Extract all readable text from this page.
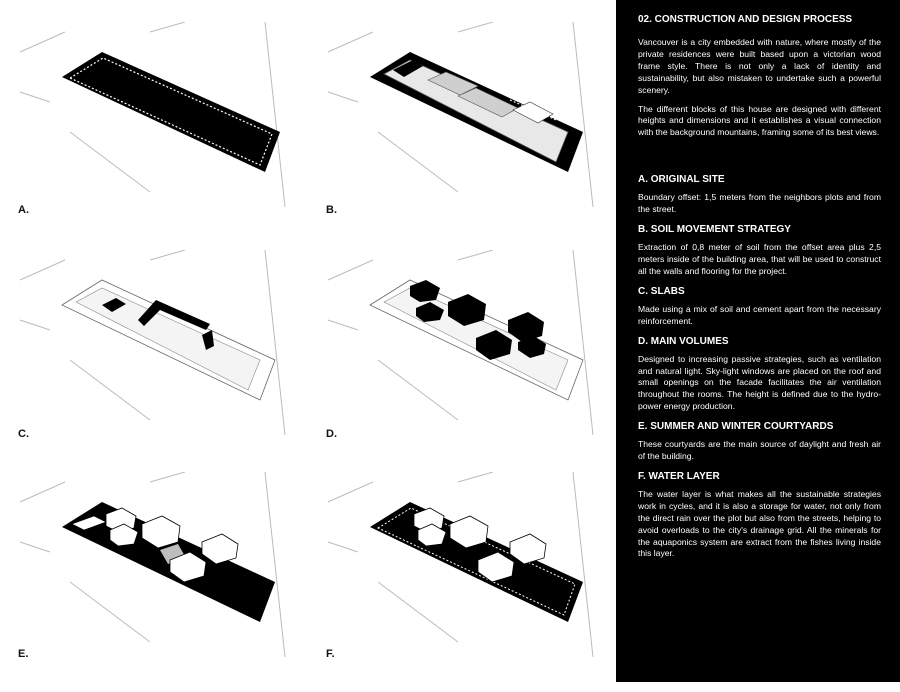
A.	B.
C.	D.
E.	F.
02. CONSTRUCTION AND DESIGN PROCESS

Vancouver is a city embedded with nature, where mostly of the private residences were built based upon a victorian wood frame style. There is not only a lack of identity and sustainability, but also mistaken to undertake such a powerful scenery.

The different blocks of this house are designed with different heights and dimensions and it establishes a visual connection with the background mountains, framing some of its best views.

A. ORIGINAL SITE

Boundary offset: 1,5 meters from the neighbors plots and from the street.

B. SOIL MOVEMENT STRATEGY

Extraction of 0,8 meter of soil from the offset area plus 2,5 meters inside of the building area, that will be used to construct all the walls and flooring for the project.

C. SLABS

Made using a mix of soil and cement apart from the necessary reinforcement.

D. MAIN VOLUMES

Designed to increasing passive strategies, such as ventilation and natural light. Sky-light windows are placed on the roof and small openings on the facade facilitates the air ventilation throughout the rooms. The height is defined due to the hydro-power energy production.

E. SUMMER AND WINTER COURTYARDS

These courtyards are the main source of daylight and fresh air of the building.

F. WATER LAYER

The water layer is what makes all the sustainable strategies work in cycles, and it is also a storage for water, not only from the direct rain over the plot but also from the streets, helping to avoid overloads to the city's drainage grid. All the minerals for the aquaponics system are extract from the fishes living inside this layer.
